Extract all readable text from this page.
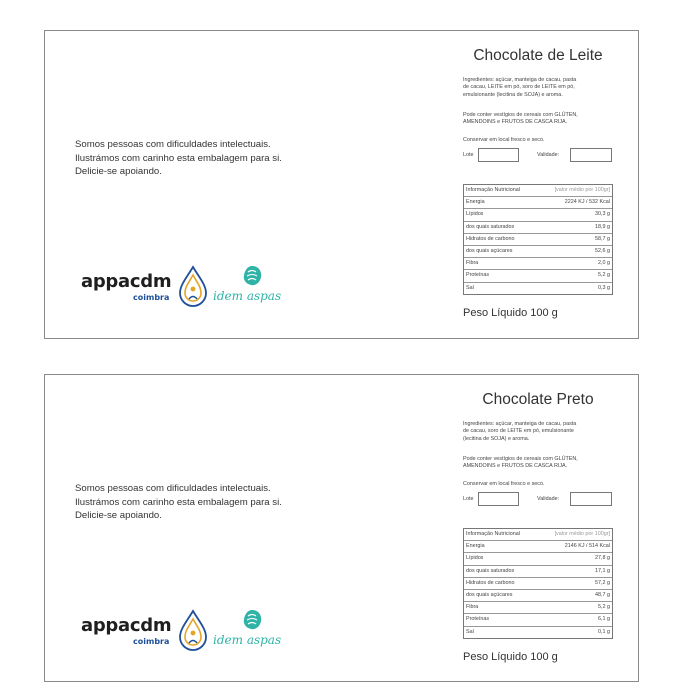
Somos pessoas com dificuldades intelectuais.
Ilustrámos com carinho esta embalagem para si.
Delicie-se apoiando.
appacdm
coimbra	idem aspas
Chocolate de Leite
Ingredientes: açúcar, manteiga de cacau, pasta
de cacau, LEITE em pó, soro de LEITE em pó,
emulsionante (lecitina de SOJA) e aroma.
Pode conter vestígios de cereais com GLÚTEN,
AMENDOINS e FRUTOS DE CASCA RIJA.
Conservar em local fresco e seco.
Lote	Validade:
Informação Nutricional	[valor médio por 100gr]
Energia	2224 KJ / 532 Kcal
Lípidos	30,3 g
dos quais saturados	18,9 g
Hidratos de carbono	58,7 g
dos quais açúcares	52,6 g
Fibra	2,0 g
Proteínas	5,2 g
Sal	0,3 g
Peso Líquido 100 g
Somos pessoas com dificuldades intelectuais.
Ilustrámos com carinho esta embalagem para si.
Delicie-se apoiando.
appacdm
coimbra	idem aspas
Chocolate Preto
Ingredientes: açúcar, manteiga de cacau, pasta
de cacau, soro de LEITE em pó, emulsionante
(lecitina de SOJA) e aroma.
Pode conter vestígios de cereais com GLÚTEN,
AMENDOINS e FRUTOS DE CASCA RIJA.
Conservar em local fresco e seco.
Lote	Validade:
Informação Nutricional	[valor médio por 100gr]
Energia	2146 KJ / 514 Kcal
Lípidos	27,8 g
dos quais saturados	17,1 g
Hidratos de carbono	57,2 g
dos quais açúcares	48,7 g
Fibra	5,2 g
Proteínas	6,1 g
Sal	0,1 g
Peso Líquido 100 g
